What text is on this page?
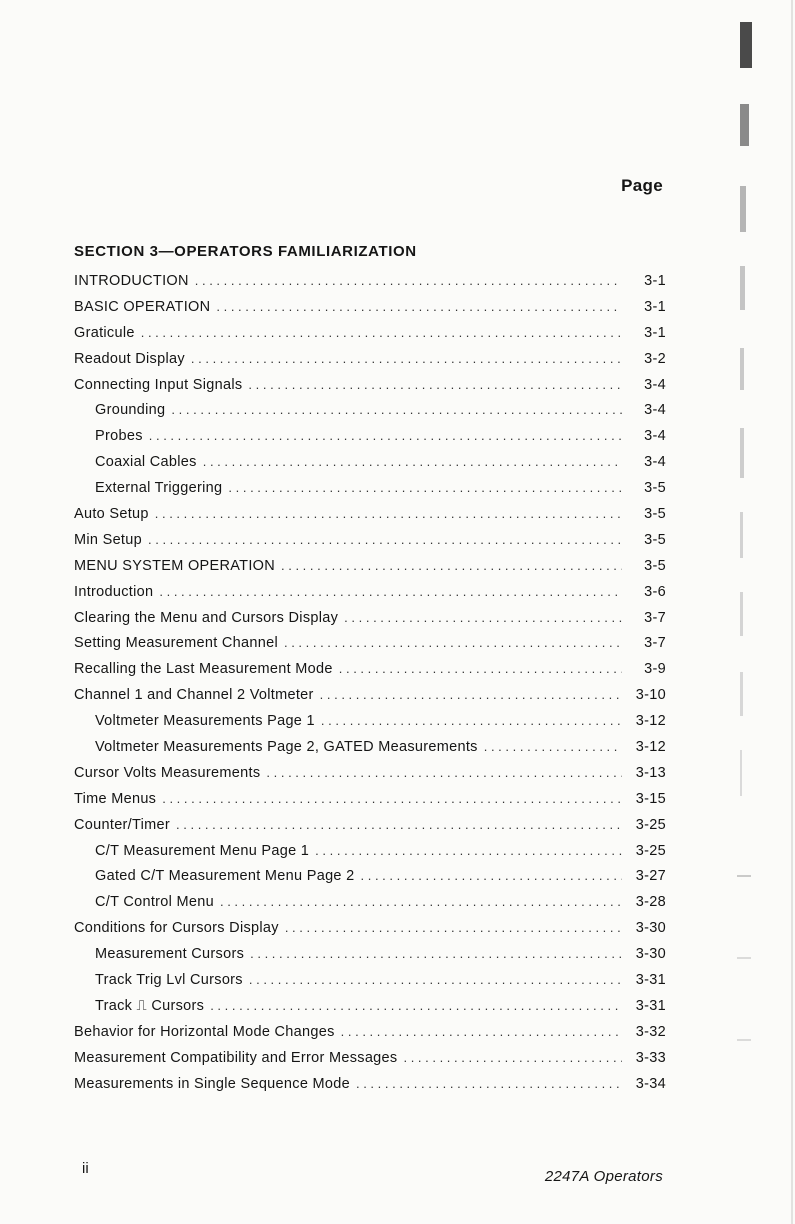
Page
SECTION 3—OPERATORS FAMILIARIZATION
INTRODUCTION . . .	3-1
BASIC OPERATION . . .	3-1
Graticule . . .	3-1
Readout Display . . .	3-2
Connecting Input Signals . . .	3-4
Grounding . . .	3-4
Probes . . .	3-4
Coaxial Cables . . .	3-4
External Triggering . . .	3-5
Auto Setup . . .	3-5
Min Setup . . .	3-5
MENU SYSTEM OPERATION . . .	3-5
Introduction . . .	3-6
Clearing the Menu and Cursors Display . . .	3-7
Setting Measurement Channel . . .	3-7
Recalling the Last Measurement Mode . . .	3-9
Channel 1 and Channel 2 Voltmeter . . .	3-10
Voltmeter Measurements Page 1 . . .	3-12
Voltmeter Measurements Page 2, GATED Measurements . . .	3-12
Cursor Volts Measurements . . .	3-13
Time Menus . . .	3-15
Counter/Timer . . .	3-25
C/T Measurement Menu Page 1 . . .	3-25
Gated C/T Measurement Menu Page 2 . . .	3-27
C/T Control Menu . . .	3-28
Conditions for Cursors Display . . .	3-30
Measurement Cursors . . .	3-30
Track Trig Lvl Cursors . . .	3-31
Track ⎍ Cursors . . .	3-31
Behavior for Horizontal Mode Changes . . .	3-32
Measurement Compatibility and Error Messages . . .	3-33
Measurements in Single Sequence Mode . . .	3-34
ii	2247A Operators
